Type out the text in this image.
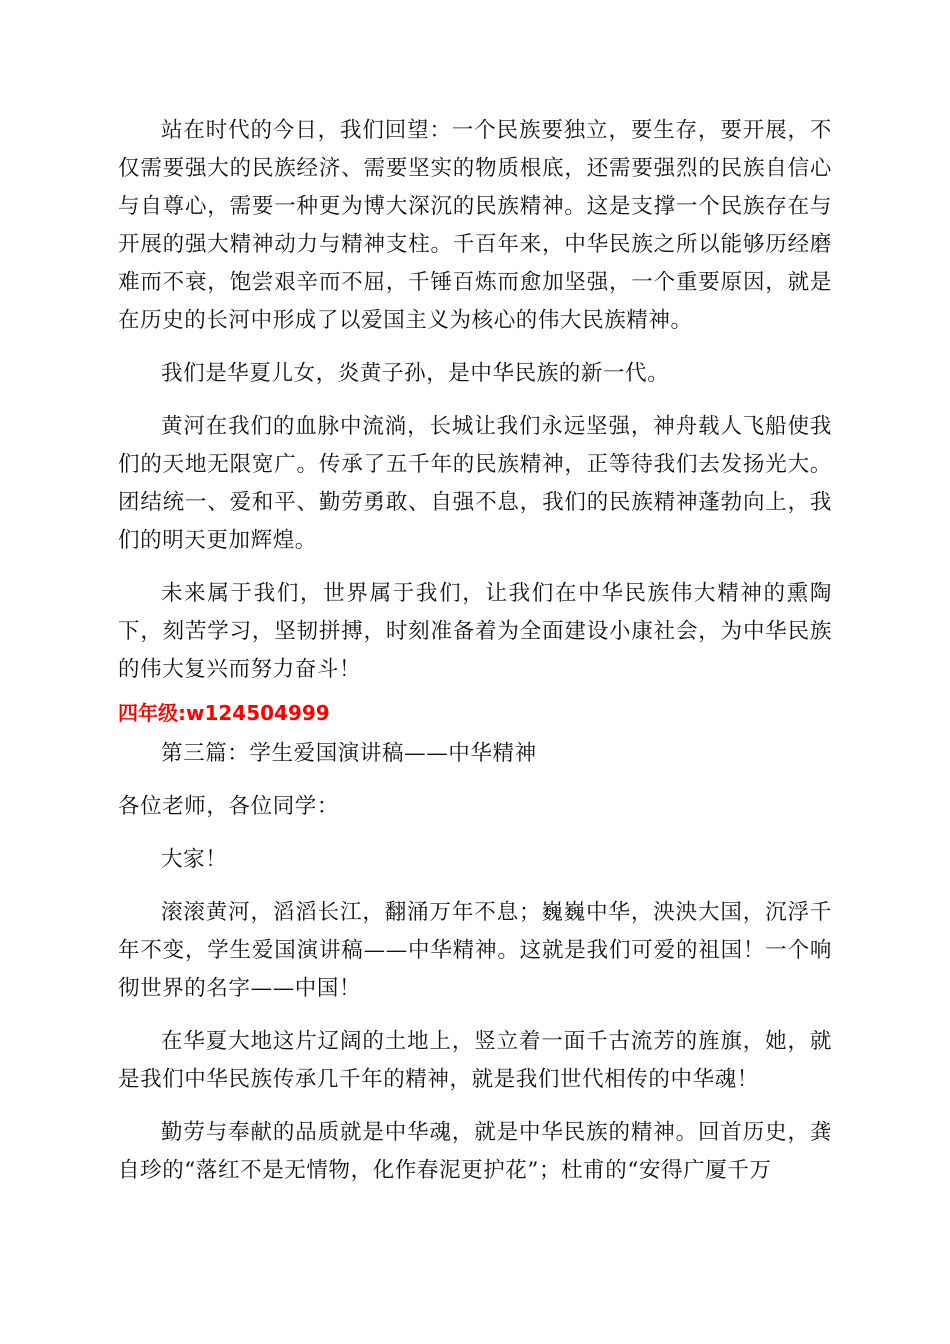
站在时代的今日，我们回望：一个民族要独立，要生存，要开展，不仅需要强大的民族经济、需要坚实的物质根底，还需要强烈的民族自信心与自尊心，需要一种更为博大深沉的民族精神。这是支撑一个民族存在与开展的强大精神动力与精神支柱。千百年来，中华民族之所以能够历经磨难而不衰，饱尝艰辛而不屈，千锤百炼而愈加坚强，一个重要原因，就是在历史的长河中形成了以爱国主义为核心的伟大民族精神。

我们是华夏儿女，炎黄子孙，是中华民族的新一代。

黄河在我们的血脉中流淌，长城让我们永远坚强，神舟载人飞船使我们的天地无限宽广。传承了五千年的民族精神，正等待我们去发扬光大。团结统一、爱和平、勤劳勇敢、自强不息，我们的民族精神蓬勃向上，我们的明天更加辉煌。

未来属于我们，世界属于我们，让我们在中华民族伟大精神的熏陶下，刻苦学习，坚韧拼搏，时刻准备着为全面建设小康社会，为中华民族的伟大复兴而努力奋斗！

四年级:w124504999

第三篇：学生爱国演讲稿——中华精神

各位老师，各位同学：

大家！

滚滚黄河，滔滔长江，翻涌万年不息；巍巍中华，泱泱大国，沉浮千年不变，学生爱国演讲稿——中华精神。这就是我们可爱的祖国！一个响彻世界的名字——中国！

在华夏大地这片辽阔的土地上，竖立着一面千古流芳的旌旗，她，就是我们中华民族传承几千年的精神，就是我们世代相传的中华魂！

勤劳与奉献的品质就是中华魂，就是中华民族的精神。回首历史，龚自珍的“落红不是无情物，化作春泥更护花”；杜甫的“安得广厦千万
